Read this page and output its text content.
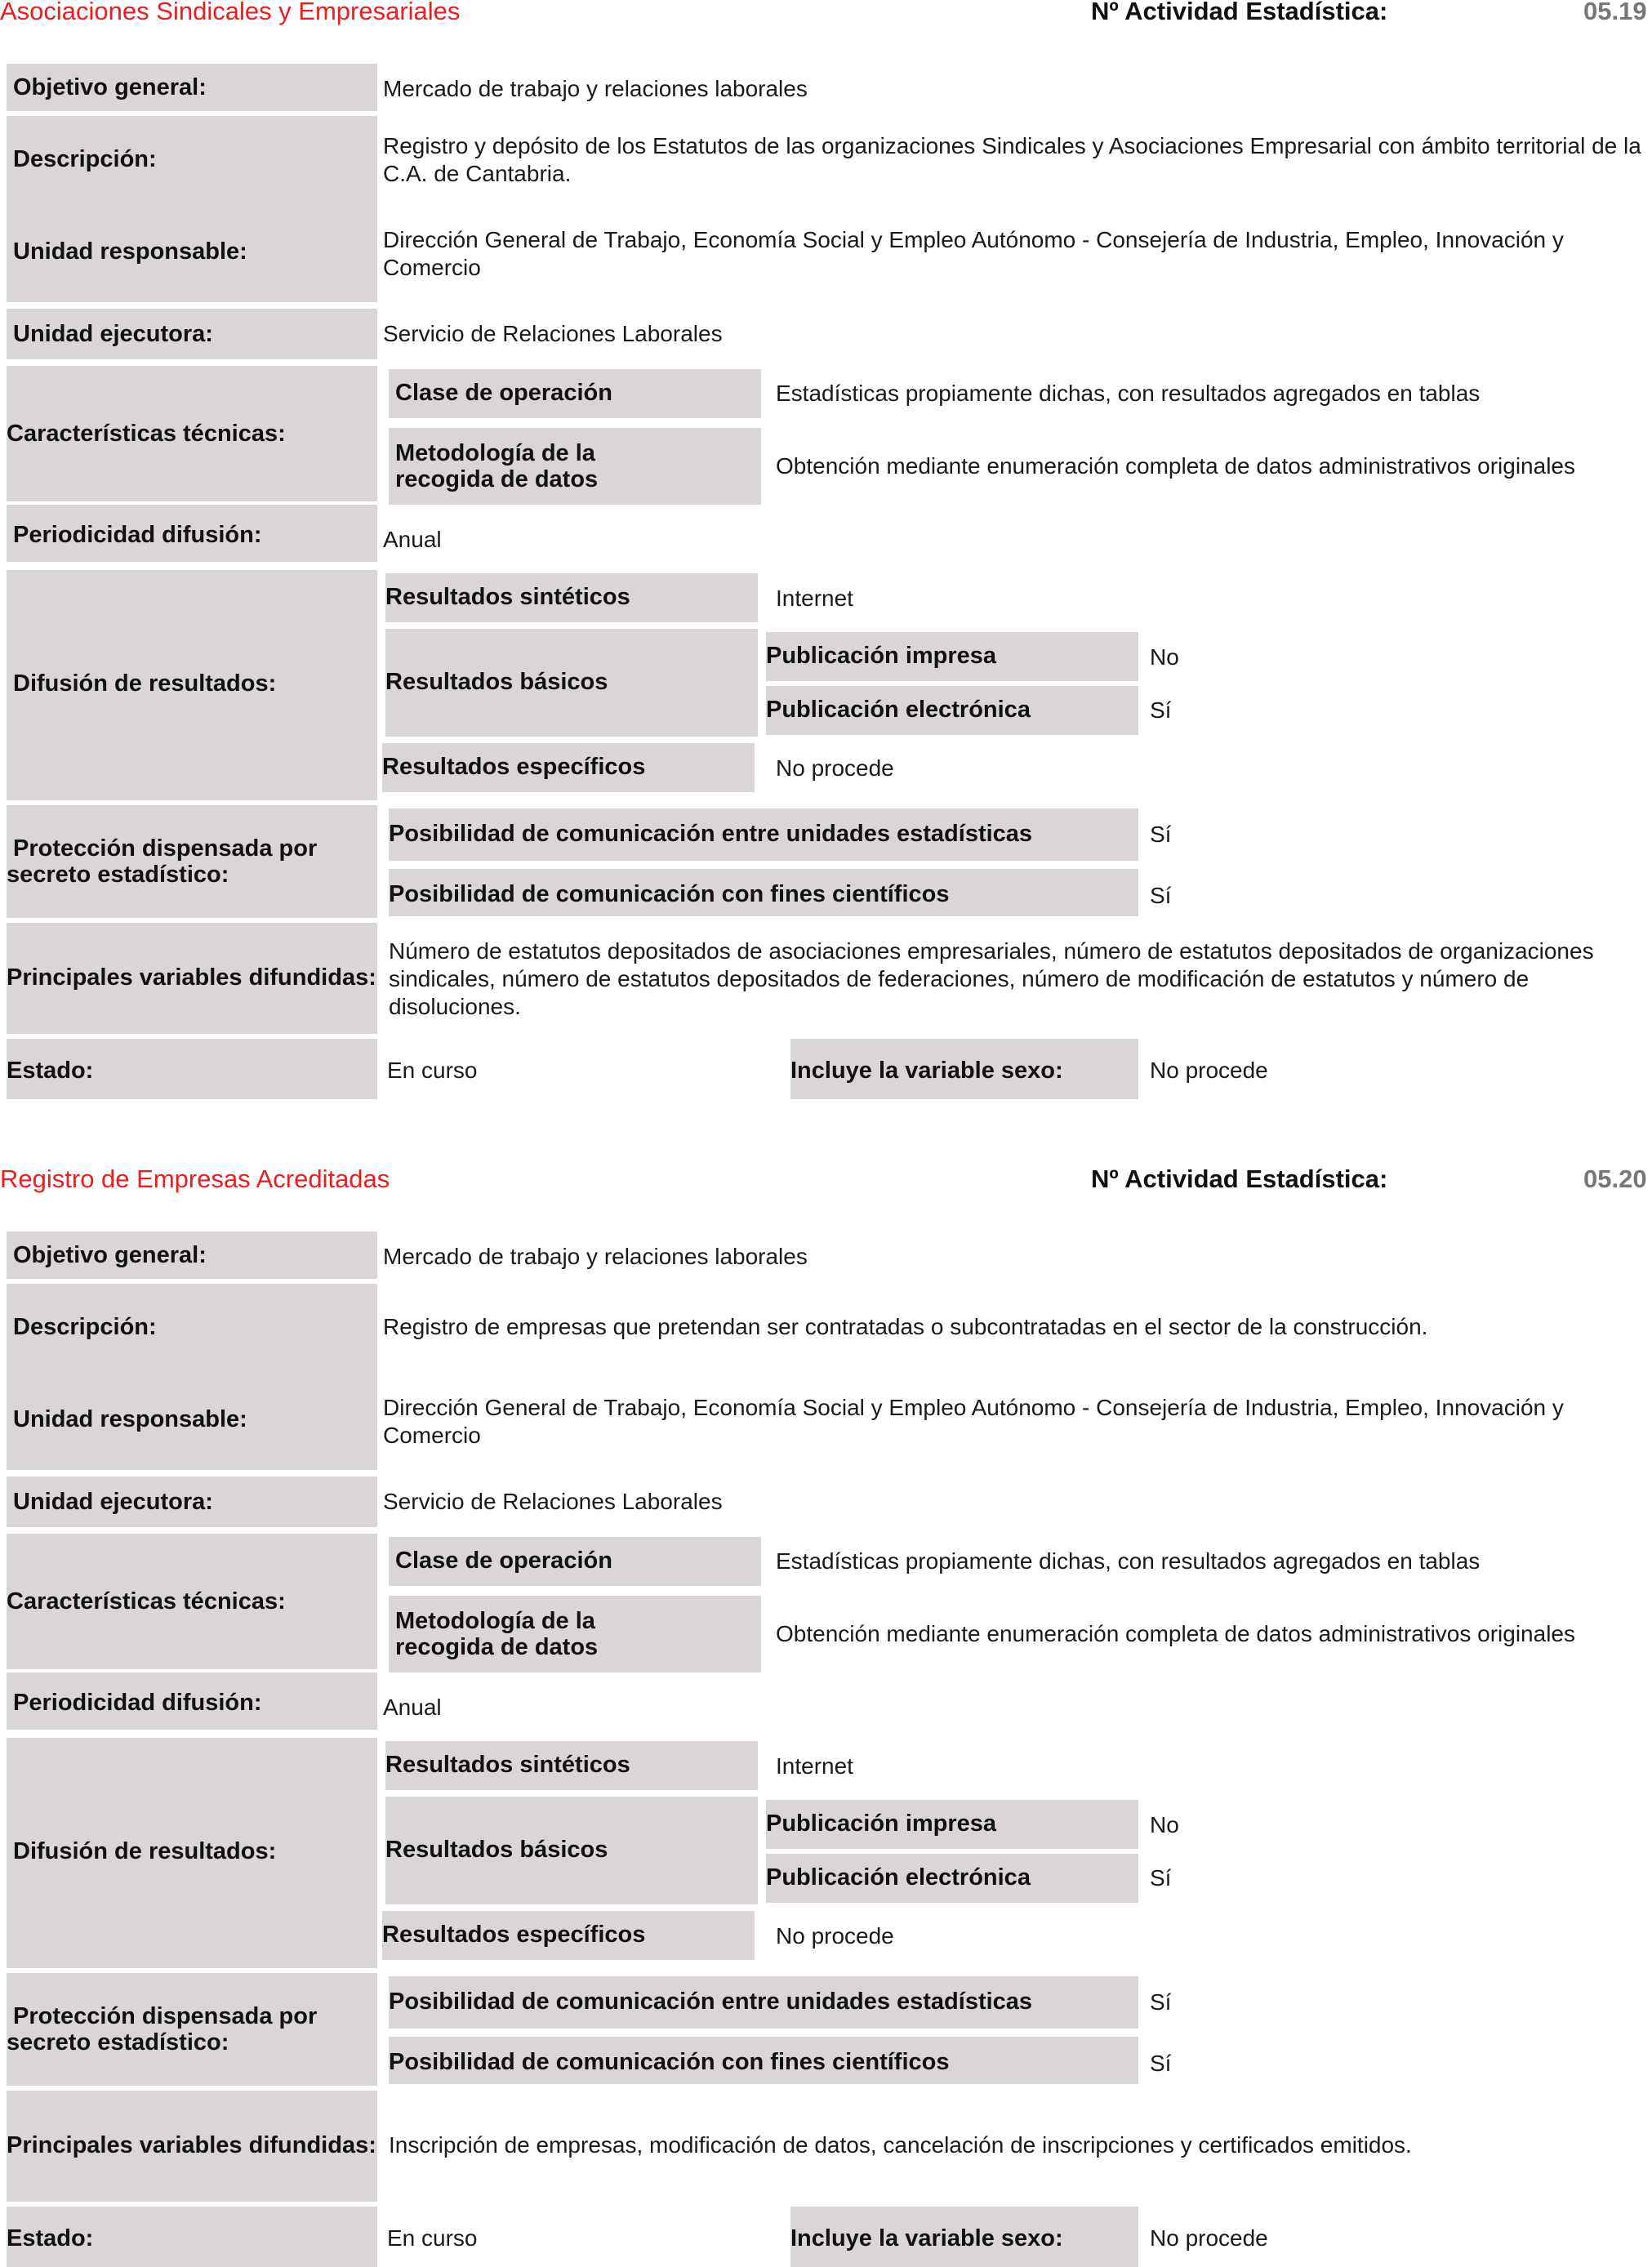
Asociaciones Sindicales y Empresariales	Nº Actividad Estadística:	05.19
Objetivo general:	Mercado de trabajo y relaciones laborales
Descripción:
Registro y depósito de los Estatutos de las organizaciones Sindicales y Asociaciones Empresarial con ámbito territorial de la C.A. de Cantabria.
Unidad responsable:	Dirección General de Trabajo, Economía Social y Empleo Autónomo - Consejería de Industria, Empleo, Innovación y Comercio
Unidad ejecutora:	Servicio de Relaciones Laborales
Características técnicas:
Clase de operación	Estadísticas propiamente dichas, con resultados agregados en tablas
Metodología de la
recogida de datos
Obtención mediante enumeración completa de datos administrativos originales
Periodicidad difusión:	Anual
Difusión de resultados:
Resultados sintéticos	Internet
Resultados básicos
Publicación impresa	No
Publicación electrónica	Sí
Resultados específicos	No procede
Protección dispensada por
secreto estadístico:
Posibilidad de comunicación entre unidades estadísticas	Sí
Posibilidad de comunicación con fines científicos	Sí
Principales variables difundidas:
Número de estatutos depositados de asociaciones empresariales, número de estatutos depositados de organizaciones sindicales, número de estatutos depositados de federaciones, número de modificación de estatutos y número de disoluciones.
Estado:	En curso	Incluye la variable sexo:	No procede
Registro de Empresas Acreditadas	Nº Actividad Estadística:	05.20
Objetivo general:	Mercado de trabajo y relaciones laborales
Descripción:	Registro de empresas que pretendan ser contratadas o subcontratadas en el sector de la construcción.
Unidad responsable:	Dirección General de Trabajo, Economía Social y Empleo Autónomo - Consejería de Industria, Empleo, Innovación y Comercio
Unidad ejecutora:	Servicio de Relaciones Laborales
Características técnicas:
Clase de operación	Estadísticas propiamente dichas, con resultados agregados en tablas
Metodología de la
recogida de datos
Obtención mediante enumeración completa de datos administrativos originales
Periodicidad difusión:	Anual
Difusión de resultados:
Resultados sintéticos	Internet
Resultados básicos
Publicación impresa	No
Publicación electrónica	Sí
Resultados específicos	No procede
Protección dispensada por
secreto estadístico:
Posibilidad de comunicación entre unidades estadísticas	Sí
Posibilidad de comunicación con fines científicos	Sí
Principales variables difundidas: Inscripción de empresas, modificación de datos, cancelación de inscripciones y certificados emitidos.
Estado:	En curso	Incluye la variable sexo:	No procede
